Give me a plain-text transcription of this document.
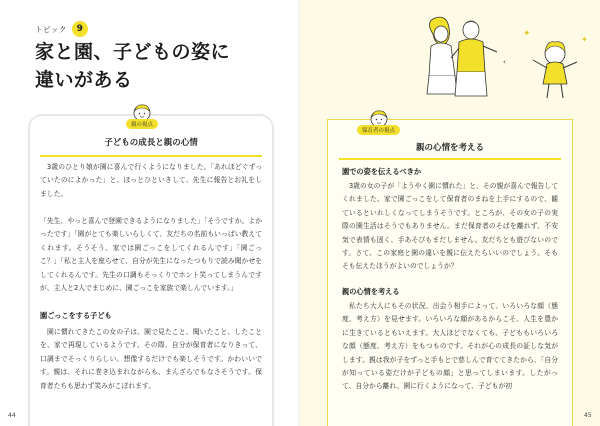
トピック	9
家と園、子どもの姿に
違いがある
親の視点
子どもの成長と親の心情
　3歳のひとり娘が園に喜んで行くようになりました。「あれほどぐずっていたのによかった」と、ほっとひといきして、先生に報告とお礼をしました。
「先生、やっと喜んで登園できるようになりました」「そうですか。よかったです」「園がとても楽しいらしくて、友だちの名前もいっぱい教えてくれます。そうそう、家では園ごっこをしてくれるんです」「園ごっこ？」「私と主人を座らせて、自分が先生になったつもりで読み聞かせをしてくれるんです。先生の口調もそっくりでホント笑ってしまうんですが、主人と2人でまじめに、園ごっこを家族で楽しんでいます。」
園ごっこをする子ども
　園に慣れてきたこの女の子は、園で見たこと、聞いたこと、したことを、家で再現しているようです。その際、自分が保育者になりきって、口調までそっくりらしい。想像するだけでも楽しそうです。かわいいです。親は、それに巻き込まれながらも、まんざらでもなさそうです。保育者たちも思わず笑みがこぼれます。
44
✦
✦
‹
保育者の視点
親の心情を考える
園での姿を伝えるべきか
　3歳の女の子が「ようやく園に慣れた」と、その親が喜んで報告してくれました。家で園ごっこをして保育者のまねを上手にするので、観ているといれしくなってしまうそうです。ところが、その女の子の実際の園生活はそうでもありません。まだ保育者のそばを離れず、不安気で表情も固く、手あそびもまだしません。友だちとも遊びないのです。さて、この家庭と園の違いを親に伝えたらいいのでしょう。そもそも伝えたほうがよいのでしょうか？
親の心情を考える
　私たち大人にもその状況、出会う相手によって、いろいろな顔（態度、考え方）を見せます。いろいろな顔があるからこそ、人生を豊かに生きているともいえます。大人ほどでなくても、子どももいろいろな顔（態度、考え方）をもつものです。それが心の成長の証しな気がします。親は我が子をずっと手もとで慈しんで育ててきたから、「自分が知っている姿だけが子どもの顔」と思ってしまいます。したがって、自分から離れ、園に行くようになって、子どもが初
45
